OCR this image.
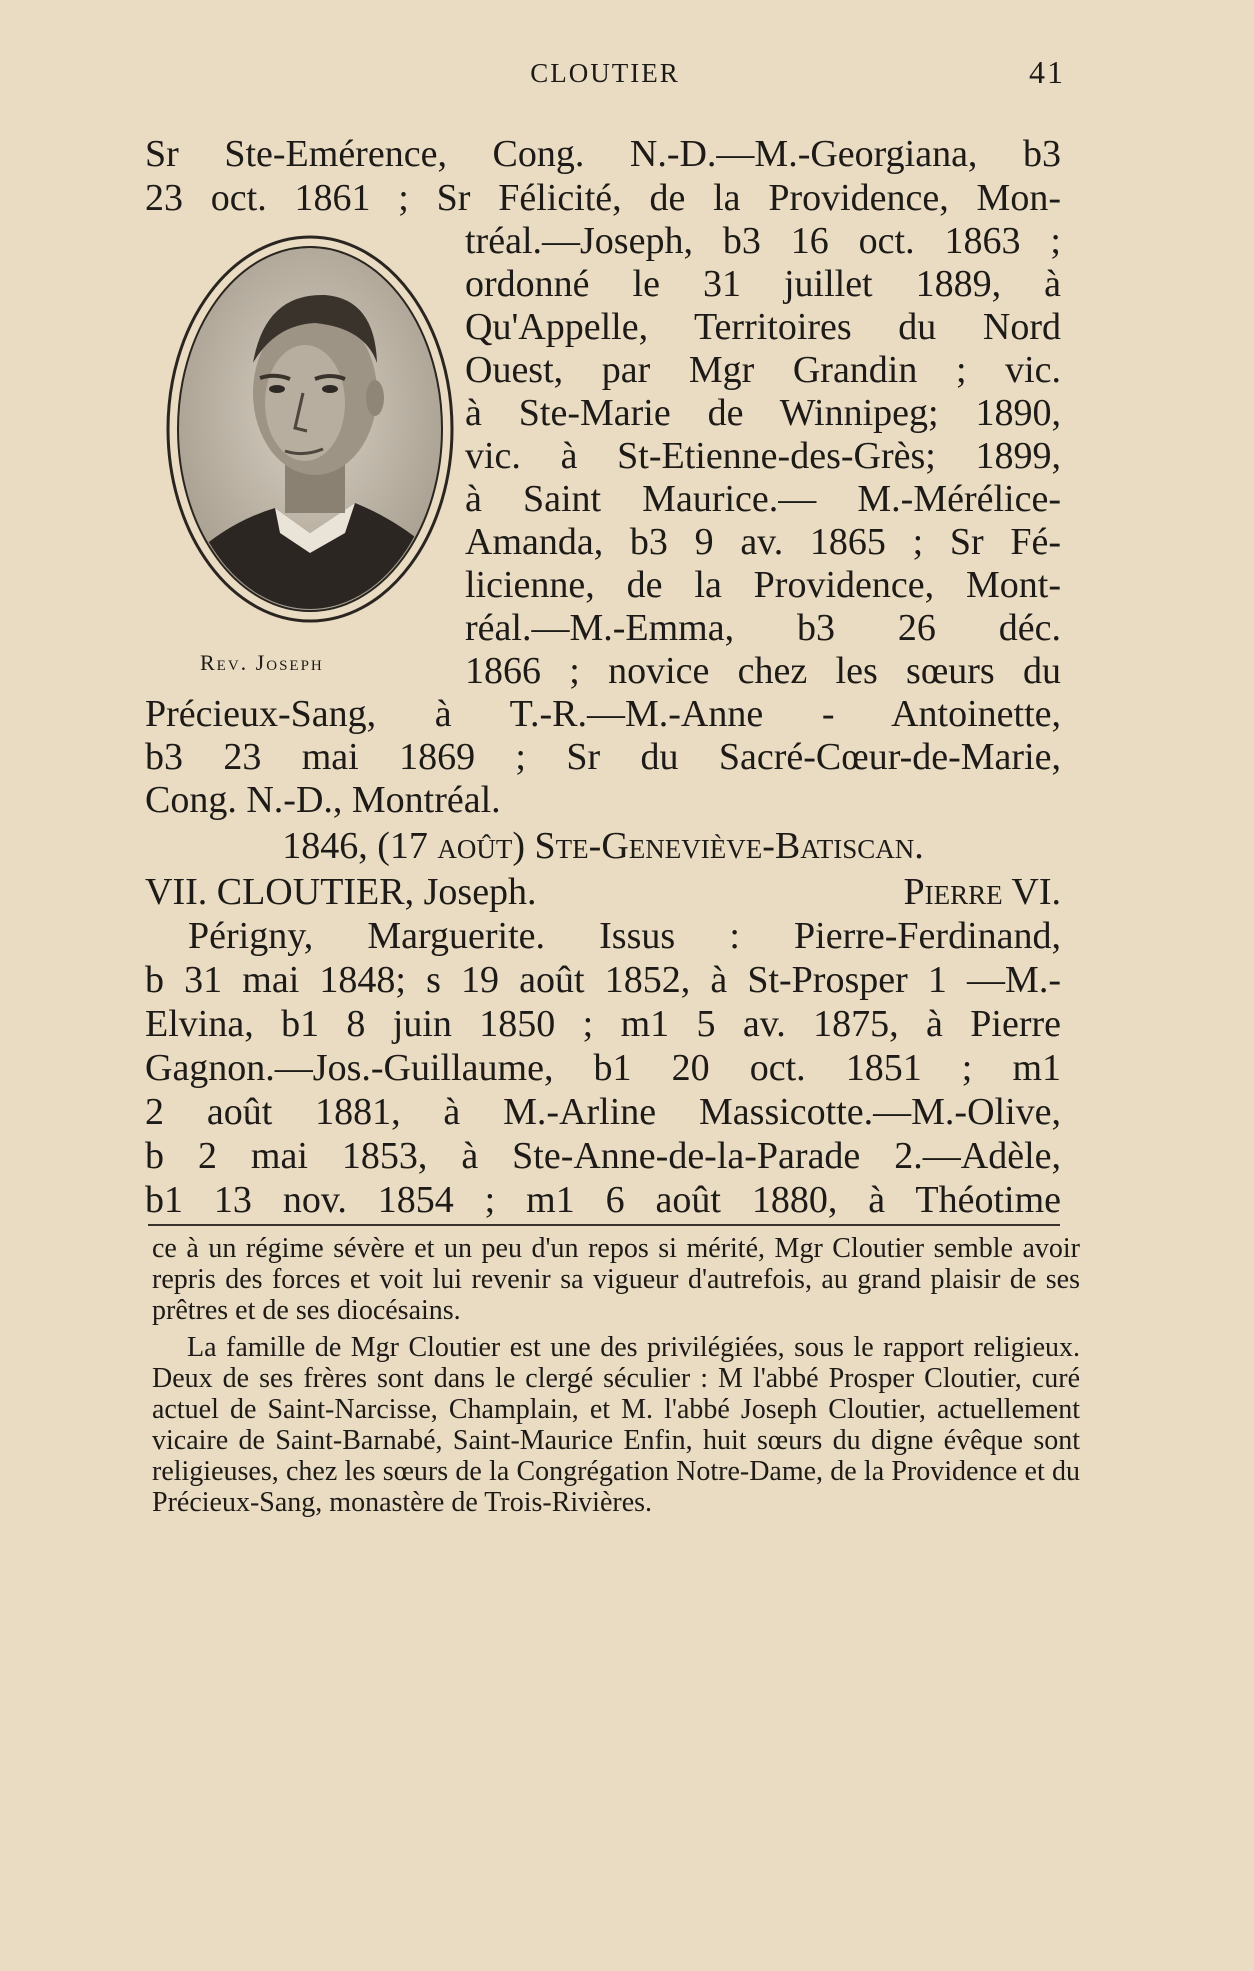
CLOUTIER	41
Sr Ste-Emérence, Cong. N.-D.—M.-Georgiana, b3
23 oct. 1861 ; Sr Félicité, de la Providence, Mon-
tréal.—Joseph, b3 16 oct. 1863 ;
ordonné le 31 juillet 1889, à
Qu'Appelle, Territoires du Nord
Ouest, par Mgr Grandin ; vic.
à Ste-Marie de Winnipeg; 1890,
vic. à St-Etienne-des-Grès; 1899,
à Saint Maurice.— M.-Mérélice-
Amanda, b3 9 av. 1865 ; Sr Fé-
licienne, de la Providence, Mont-
réal.—M.-Emma, b3 26 déc.
1866 ; novice chez les sœurs du
Précieux-Sang, à T.-R.—M.-Anne - Antoinette,
b3 23 mai 1869 ; Sr du Sacré-Cœur-de-Marie,
Cong. N.-D., Montréal.
1846, (17 août) Ste-Geneviève-Batiscan.
VII. CLOUTIER, Joseph.	Pierre VI.
Périgny, Marguerite. Issus : Pierre-Ferdinand,
b 31 mai 1848; s 19 août 1852, à St-Prosper 1 —M.-
Elvina, b1 8 juin 1850 ; m1 5 av. 1875, à Pierre
Gagnon.—Jos.-Guillaume, b1 20 oct. 1851 ; m1
2 août 1881, à M.-Arline Massicotte.—M.-Olive,
b 2 mai 1853, à Ste-Anne-de-la-Parade 2.—Adèle,
b1 13 nov. 1854 ; m1 6 août 1880, à Théotime
Rev. Joseph

ce à un régime sévère et un peu d'un repos si mérité, Mgr Cloutier semble avoir repris des forces et voit lui revenir sa vigueur d'autrefois, au grand plaisir de ses prêtres et de ses diocésains.

La famille de Mgr Cloutier est une des privilégiées, sous le rapport religieux. Deux de ses frères sont dans le clergé séculier : M l'abbé Prosper Cloutier, curé actuel de Saint-Narcisse, Champlain, et M. l'abbé Joseph Cloutier, actuellement vicaire de Saint-Barnabé, Saint-Maurice Enfin, huit sœurs du digne évêque sont religieuses, chez les sœurs de la Congrégation Notre-Dame, de la Providence et du Précieux-Sang, monastère de Trois-Rivières.
